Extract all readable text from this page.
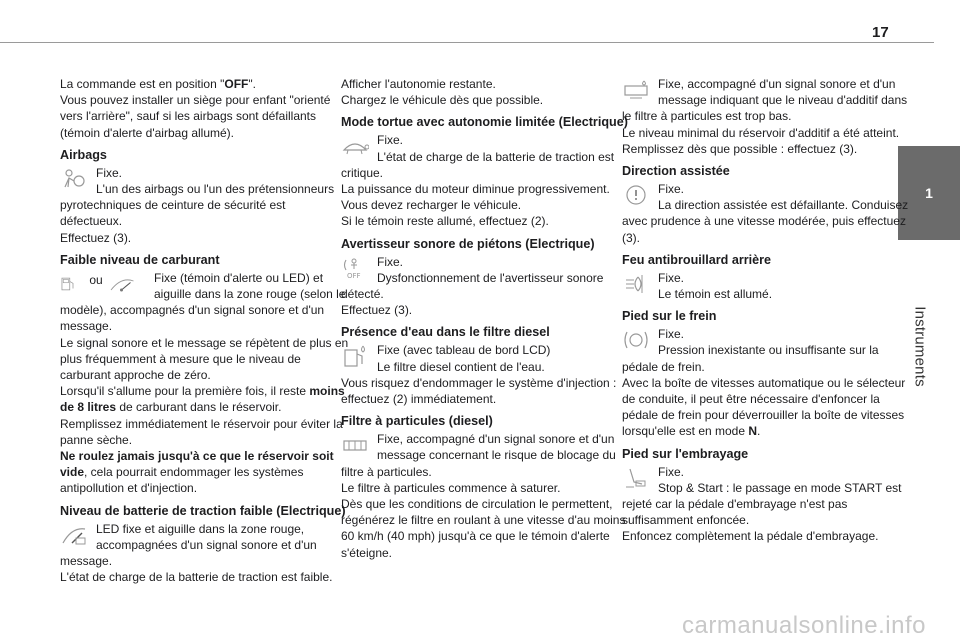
17
1
Instruments

La commande est en position "OFF".
Vous pouvez installer un siège pour enfant "orienté vers l'arrière", sauf si les airbags sont défaillants (témoin d'alerte d'airbag allumé).

Airbags

Fixe.

L'un des airbags ou l'un des prétensionneurs pyrotechniques de ceinture de sécurité est défectueux.

Effectuez (3).

Faible niveau de carburant
ou	Fixe (témoin d'alerte ou LED) et aiguille dans la zone rouge (selon le modèle), accompagnés d'un signal sonore et d'un message.

Le signal sonore et le message se répètent de plus en plus fréquemment à mesure que le niveau de carburant approche de zéro.

Lorsqu'il s'allume pour la première fois, il reste moins de 8 litres de carburant dans le réservoir.

Remplissez immédiatement le réservoir pour éviter la panne sèche.

Ne roulez jamais jusqu'à ce que le réservoir soit vide, cela pourrait endommager les systèmes antipollution et d'injection.

Niveau de batterie de traction faible (Electrique)

LED fixe et aiguille dans la zone rouge, accompagnées d'un signal sonore et d'un message.

L'état de charge de la batterie de traction est faible.

Afficher l'autonomie restante.

Chargez le véhicule dès que possible.

Mode tortue avec autonomie limitée (Electrique)

Fixe.

L'état de charge de la batterie de traction est critique.

La puissance du moteur diminue progressivement.

Vous devez recharger le véhicule.

Si le témoin reste allumé, effectuez (2).

Avertisseur sonore de piétons (Electrique)
OFF

Fixe.

Dysfonctionnement de l'avertisseur sonore détecté.

Effectuez (3).

Présence d'eau dans le filtre diesel

Fixe (avec tableau de bord LCD)

Le filtre diesel contient de l'eau.

Vous risquez d'endommager le système d'injection : effectuez (2) immédiatement.

Filtre à particules (diesel)

Fixe, accompagné d'un signal sonore et d'un message concernant le risque de blocage du filtre à particules.

Le filtre à particules commence à saturer.

Dès que les conditions de circulation le permettent, régénérez le filtre en roulant à une vitesse d'au moins 60 km/h (40 mph) jusqu'à ce que le témoin d'alerte s'éteigne.

Fixe, accompagné d'un signal sonore et d'un message indiquant que le niveau d'additif dans le filtre à particules est trop bas.

Le niveau minimal du réservoir d'additif a été atteint.

Remplissez dès que possible : effectuez (3).

Direction assistée

Fixe.

La direction assistée est défaillante. Conduisez avec prudence à une vitesse modérée, puis effectuez (3).

Feu antibrouillard arrière

Fixe.

Le témoin est allumé.

Pied sur le frein

Fixe.

Pression inexistante ou insuffisante sur la pédale de frein.

Avec la boîte de vitesses automatique ou le sélecteur de conduite, il peut être nécessaire d'enfoncer la pédale de frein pour déverrouiller la boîte de vitesses lorsqu'elle est en mode N.

Pied sur l'embrayage

Fixe.

Stop & Start : le passage en mode START est rejeté car la pédale d'embrayage n'est pas suffisamment enfoncée.

Enfoncez complètement la pédale d'embrayage.

carmanualsonline.info
